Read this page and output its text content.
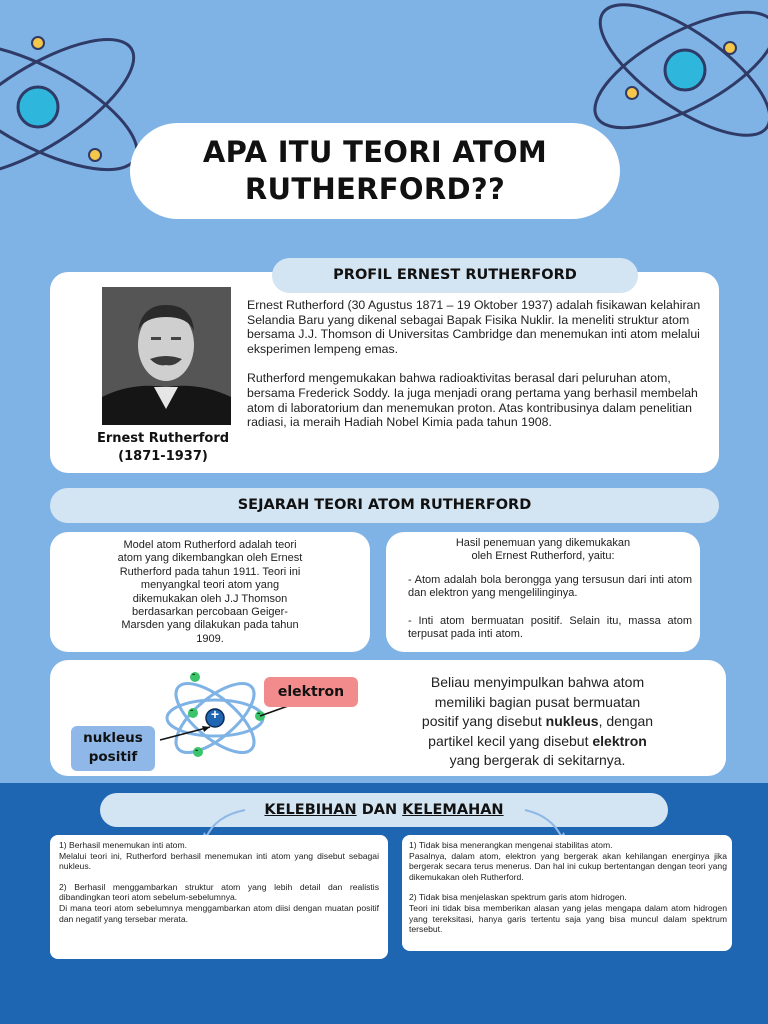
APA ITU TEORI ATOM
RUTHERFORD??
PROFIL ERNEST RUTHERFORD
Ernest Rutherford
(1871-1937)

Ernest Rutherford (30 Agustus 1871 – 19 Oktober 1937) adalah fisikawan kelahiran Selandia Baru yang dikenal sebagai Bapak Fisika Nuklir. Ia meneliti struktur atom bersama J.J. Thomson di Universitas Cambridge dan menemukan inti atom melalui eksperimen lempeng emas.

Rutherford mengemukakan bahwa radioaktivitas berasal dari peluruhan atom, bersama Frederick Soddy. Ia juga menjadi orang pertama yang berhasil membelah atom di laboratorium dan menemukan proton. Atas kontribusinya dalam penelitian radiasi, ia meraih Hadiah Nobel Kimia pada tahun 1908.

SEJARAH TEORI ATOM RUTHERFORD

Model atom Rutherford adalah teori
atom yang dikembangkan oleh Ernest
Rutherford pada tahun 1911. Teori ini
menyangkal teori atom yang
dikemukakan oleh J.J Thomson
berdasarkan percobaan Geiger-
Marsden yang dilakukan pada tahun
1909.

Hasil penemuan yang dikemukakan
oleh Ernest Rutherford, yaitu:

- Atom adalah bola berongga yang tersusun dari inti atom dan elektron yang mengelilinginya.

- Inti atom bermuatan positif. Selain itu, massa atom terpusat pada inti atom.

+
-
-	-
-
elektron
nukleus
positif

Beliau menyimpulkan bahwa atom
memiliki bagian pusat bermuatan
positif yang disebut nukleus, dengan
partikel kecil yang disebut elektron
yang bergerak di sekitarnya.

KELEBIHAN DAN KELEMAHAN

1) Berhasil menemukan inti atom.
Melalui teori ini, Rutherford berhasil menemukan inti atom yang disebut sebagai nukleus.

2) Berhasil menggambarkan struktur atom yang lebih detail dan realistis dibandingkan teori atom sebelum-sebelumnya.
Di mana teori atom sebelumnya menggambarkan atom diisi dengan muatan positif dan negatif yang tersebar merata.

1) Tidak bisa menerangkan mengenai stabilitas atom.
Pasalnya, dalam atom, elektron yang bergerak akan kehilangan energinya jika bergerak secara terus menerus. Dan hal ini cukup bertentangan dengan teori yang dikemukakan oleh Rutherford.

2) Tidak bisa menjelaskan spektrum garis atom hidrogen.
Teori ini tidak bisa memberikan alasan yang jelas mengapa dalam atom hidrogen yang tereksitasi, hanya garis tertentu saja yang bisa muncul dalam spektrum tersebut.
